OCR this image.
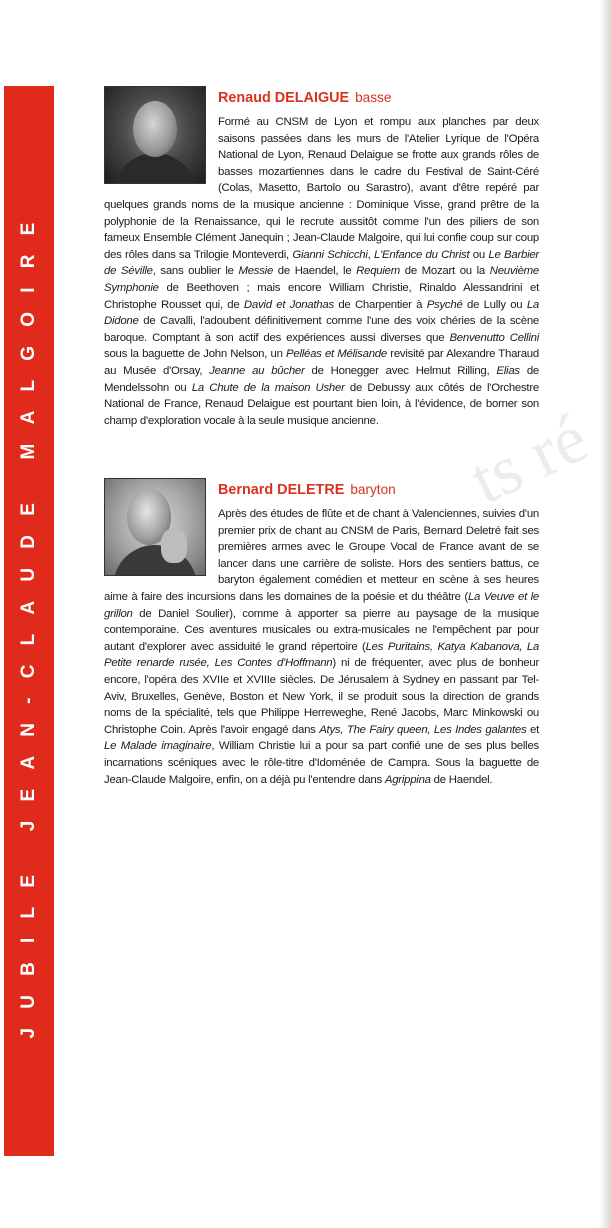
ts ré
JUBILE JEAN-CLAUDE MALGOIRE
Renaud DELAIGUE basse

Formé au CNSM de Lyon et rompu aux planches par deux saisons passées dans les murs de l'Atelier Lyrique de l'Opéra National de Lyon, Renaud Delaigue se frotte aux grands rôles de basses mozartiennes dans le cadre du Festival de Saint-Céré (Colas, Masetto, Bartolo ou Sarastro), avant d'être repéré par quelques grands noms de la musique ancienne : Dominique Visse, grand prêtre de la polyphonie de la Renaissance, qui le recrute aussitôt comme l'un des piliers de son fameux Ensemble Clément Janequin ; Jean-Claude Malgoire, qui lui confie coup sur coup des rôles dans sa Trilogie Monteverdi, Gianni Schicchi, L'Enfance du Christ ou Le Barbier de Séville, sans oublier le Messie de Haendel, le Requiem de Mozart ou la Neuvième Symphonie de Beethoven ; mais encore William Christie, Rinaldo Alessandrini et Christophe Rousset qui, de David et Jonathas de Charpentier à Psyché de Lully ou La Didone de Cavalli, l'adoubent définitivement comme l'une des voix chéries de la scène baroque. Comptant à son actif des expériences aussi diverses que Benvenutto Cellini sous la baguette de John Nelson, un Pelléas et Mélisande revisité par Alexandre Tharaud au Musée d'Orsay, Jeanne au bûcher de Honegger avec Helmut Rilling, Elias de Mendelssohn ou La Chute de la maison Usher de Debussy aux côtés de l'Orchestre National de France, Renaud Delaigue est pourtant bien loin, à l'évidence, de borner son champ d'exploration vocale à la seule musique ancienne.

Bernard DELETRE baryton

Après des études de flûte et de chant à Valenciennes, suivies d'un premier prix de chant au CNSM de Paris, Bernard Deletré fait ses premières armes avec le Groupe Vocal de France avant de se lancer dans une carrière de soliste. Hors des sentiers battus, ce baryton également comédien et metteur en scène à ses heures aime à faire des incursions dans les domaines de la poésie et du théâtre (La Veuve et le grillon de Daniel Soulier), comme à apporter sa pierre au paysage de la musique contemporaine. Ces aventures musicales ou extra-musicales ne l'empêchent par pour autant d'explorer avec assiduité le grand répertoire (Les Puritains, Katya Kabanova, La Petite renarde rusée, Les Contes d'Hoffmann) ni de fréquenter, avec plus de bonheur encore, l'opéra des XVIIe et XVIIIe siècles. De Jérusalem à Sydney en passant par Tel-Aviv, Bruxelles, Genève, Boston et New York, il se produit sous la direction de grands noms de la spécialité, tels que Philippe Herreweghe, René Jacobs, Marc Minkowski ou Christophe Coin. Après l'avoir engagé dans Atys, The Fairy queen, Les Indes galantes et Le Malade imaginaire, William Christie lui a pour sa part confié une de ses plus belles incarnations scéniques avec le rôle-titre d'Idoménée de Campra. Sous la baguette de Jean-Claude Malgoire, enfin, on a déjà pu l'entendre dans Agrippina de Haendel.
